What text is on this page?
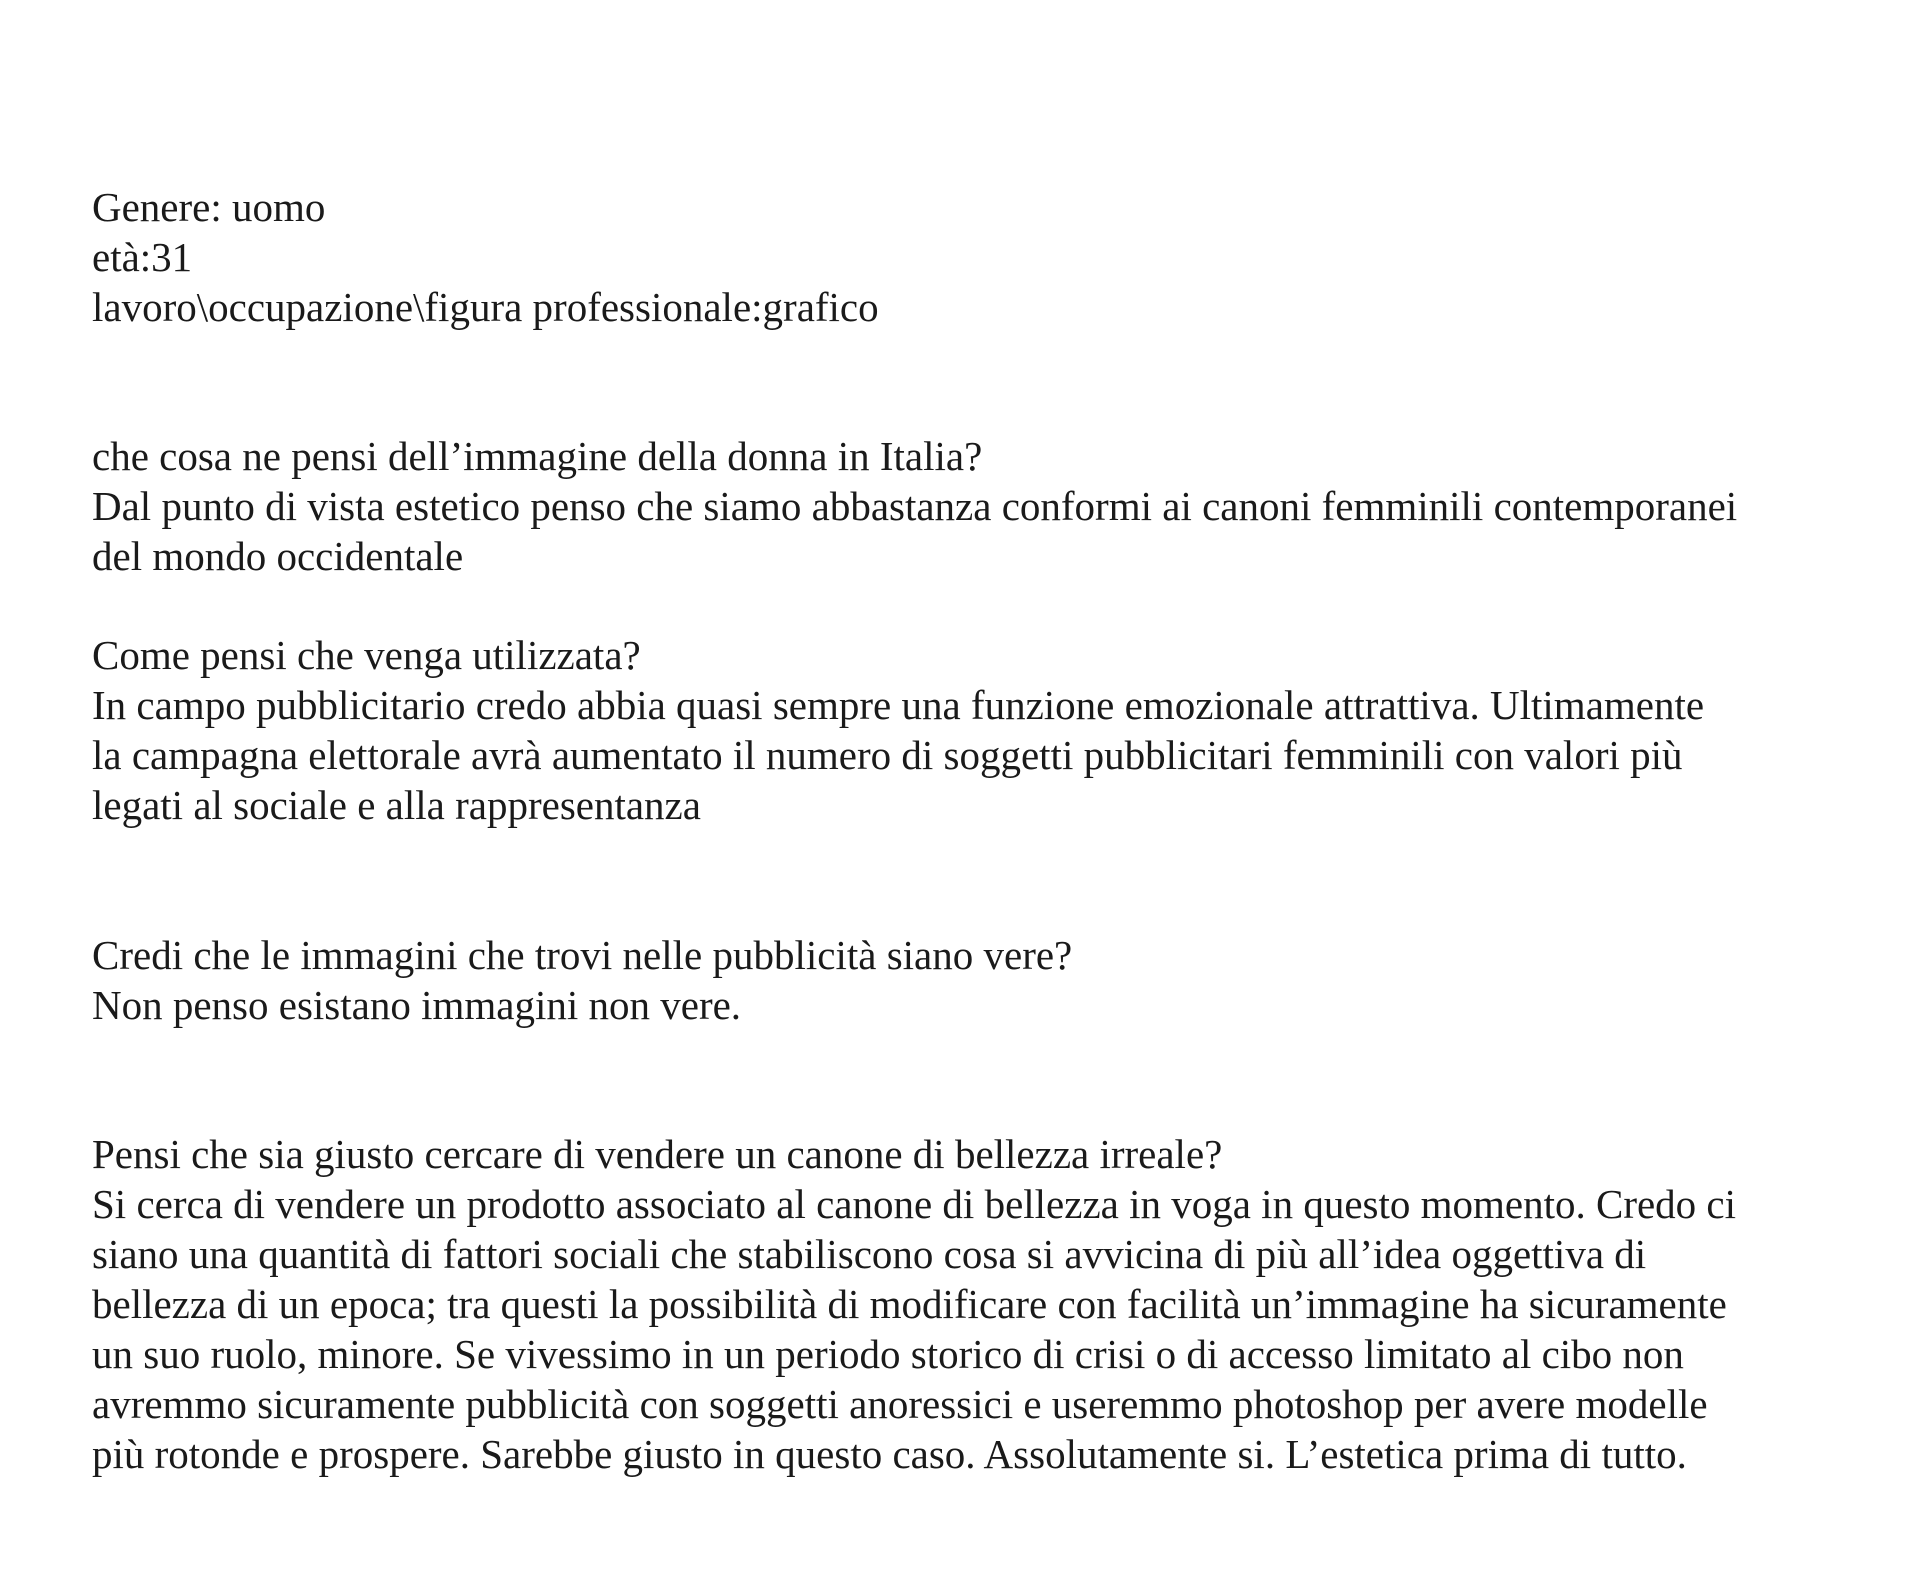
Genere: uomo

età:31

lavoro\occupazione\figura professionale:grafico

che cosa ne pensi dell’immagine della donna in Italia?

Dal punto di vista estetico penso che siamo abbastanza conformi ai canoni femminili contemporanei

del mondo occidentale

Come pensi che venga utilizzata?

In campo pubblicitario credo abbia quasi sempre una funzione emozionale attrattiva. Ultimamente

la campagna elettorale avrà aumentato il numero di soggetti pubblicitari femminili con valori più

legati al sociale e alla rappresentanza

Credi che le immagini che trovi nelle pubblicità siano vere?

Non penso esistano immagini non vere.

Pensi che sia giusto cercare di vendere un canone di bellezza irreale?

Si cerca di vendere un prodotto associato al canone di bellezza in voga in questo momento. Credo ci

siano una quantità di fattori sociali che stabiliscono cosa si avvicina di più all’idea oggettiva di

bellezza di un epoca; tra questi la possibilità di modificare con facilità un’immagine ha sicuramente

un suo ruolo, minore. Se vivessimo in un periodo storico di crisi o di accesso limitato al cibo non

avremmo sicuramente pubblicità con soggetti anoressici e useremmo photoshop per avere modelle

più rotonde e prospere. Sarebbe giusto in questo caso. Assolutamente si. L’estetica prima di tutto.
